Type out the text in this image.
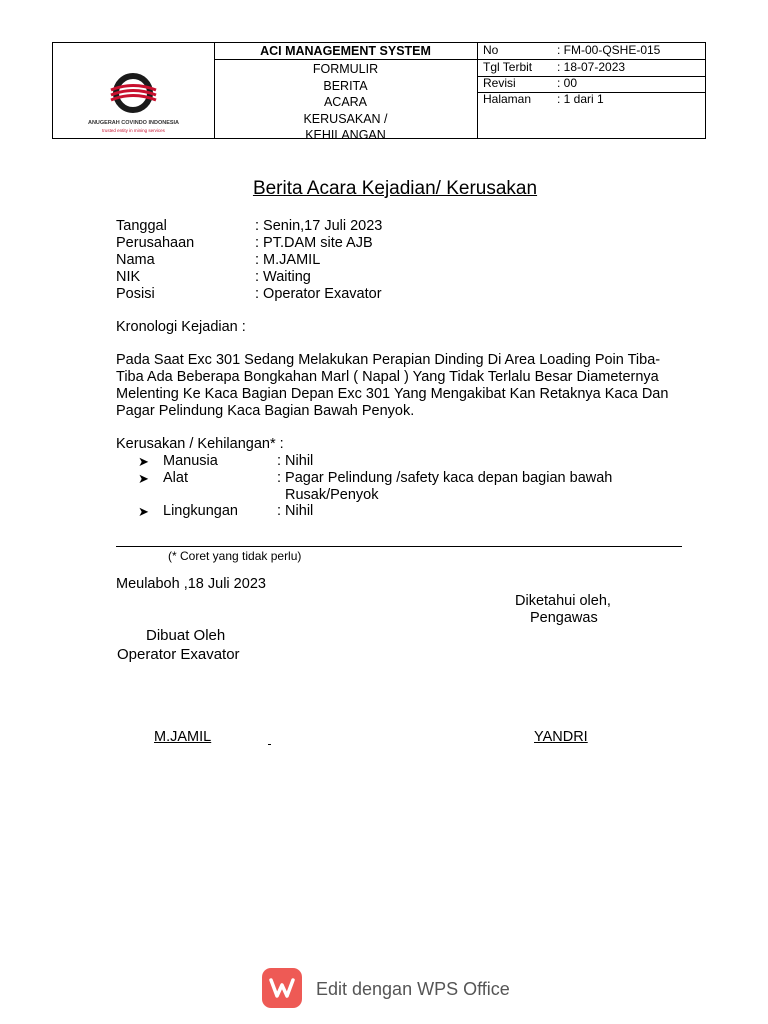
ANUGERAH COVINDO INDONESIA
trusted entity in mining services
ACI MANAGEMENT SYSTEM
FORMULIR
BERITA
ACARA
KERUSAKAN /
KEHILANGAN
No	: FM-00-QSHE-015
Tgl Terbit : 18-07-2023
Revisi	: 00
Halaman : 1 dari 1
Berita Acara Kejadian/ Kerusakan
Tanggal	: Senin,17 Juli 2023
Perusahaan	: PT.DAM site AJB
Nama	: M.JAMIL
NIK	: Waiting
Posisi	: Operator Exavator
Kronologi Kejadian :
Pada Saat Exc 301 Sedang Melakukan Perapian Dinding Di Area Loading Poin Tiba-
Tiba Ada Beberapa Bongkahan Marl ( Napal ) Yang Tidak Terlalu Besar Diameternya
Melenting Ke Kaca Bagian Depan Exc 301 Yang Mengakibat Kan Retaknya Kaca Dan
Pagar Pelindung Kaca Bagian Bawah Penyok.
Kerusakan / Kehilangan* :
➤ Manusia	: Nihil
➤ Alat	: Pagar Pelindung /safety kaca depan bagian bawah
Rusak/Penyok
➤ Lingkungan	: Nihil
(* Coret yang tidak perlu)
Meulaboh ,18 Juli 2023
Diketahui oleh,
Pengawas
Dibuat Oleh
Operator Exavator
M.JAMIL	YANDRI
Edit dengan WPS Office
